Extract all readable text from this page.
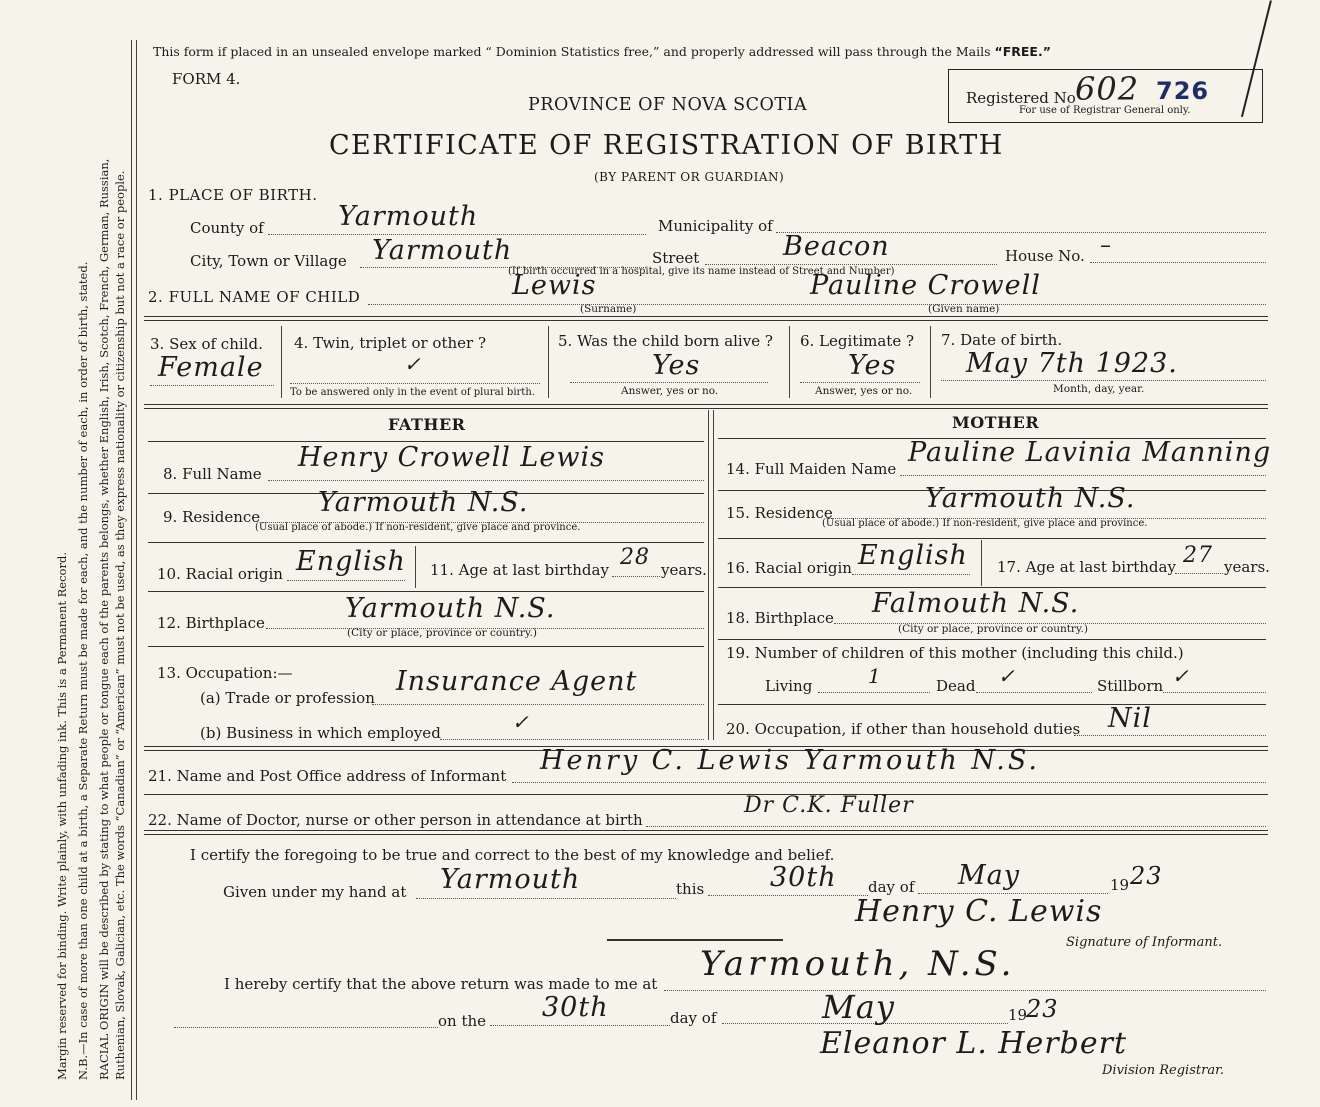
Margin reserved for binding. Write plainly, with unfading ink. This is a Permanent Record. N.B.—In case of more than one child at a birth, a Separate Return must be made for each, and the number of each, in order of birth, stated. RACIAL ORIGIN will be described by stating to what people or tongue each of the parents belongs, whether English, Irish, Scotch, French, German, Russian, Ruthenian, Slovak, Galician, etc. The words “Canadian” or “American” must not be used, as they express nationality or citizenship but not a race or people.
This form if placed in an unsealed envelope marked “ Dominion Statistics free,” and properly addressed will pass through the Mails “FREE.”
FORM 4.
PROVINCE OF NOVA SCOTIA
CERTIFICATE OF REGISTRATION OF BIRTH
(BY PARENT OR GUARDIAN)
Registered No 602 726
For use of Registrar General only.
1. PLACE OF BIRTH.
County of	Yarmouth	Municipality of
City, Town or Village Yarmouth	Street	Beacon	House No. –
(If birth occurred in a hospital, give its name instead of Street and Number)
2. FULL NAME OF CHILD	Lewis	Pauline Crowell
(Surname)	(Given name)
3. Sex of child.
Female
4. Twin, triplet or other ?
✓
To be answered only in the event of plural birth.
5. Was the child born alive ?
Yes
Answer, yes or no.
6. Legitimate ?
Yes
Answer, yes or no.
7. Date of birth.
May 7th 1923.
Month, day, year.
FATHER	MOTHER
8. Full Name
Henry Crowell Lewis
9. Residence Yarmouth N.S.
(Usual place of abode.) If non-resident, give place and province.
10. Racial origin English 11. Age at last birthday 28 years.
12. Birthplace	Yarmouth N.S.
(City or place, province or country.)
13. Occupation:—
(a) Trade or profession
Insurance Agent
(b) Business in which employed	✓
14. Full Maiden Name
Pauline Lavinia Manning
15. Residence	Yarmouth N.S.
(Usual place of abode.) If non-resident, give place and province.
16. Racial origin English 17. Age at last birthday 27 years.
18. Birthplace Falmouth N.S.
(City or place, province or country.)
19. Number of children of this mother (including this child.)
Living	1	Dead ✓	Stillborn ✓
20. Occupation, if other than household duties Nil
21. Name and Post Office address of Informant Henry C. Lewis Yarmouth N.S.
22. Name of Doctor, nurse or other person in attendance at birth
Dr C.K. Fuller
I certify the foregoing to be true and correct to the best of my knowledge and belief.
Given under my hand at Yarmouth	this 30th day of May	19 23
Henry C. Lewis
Signature of Informant.
I hereby certify that the above return was made to me at Yarmouth, N.S.
on the 30th	day of	May	19
23
Eleanor L. Herbert
Division Registrar.
